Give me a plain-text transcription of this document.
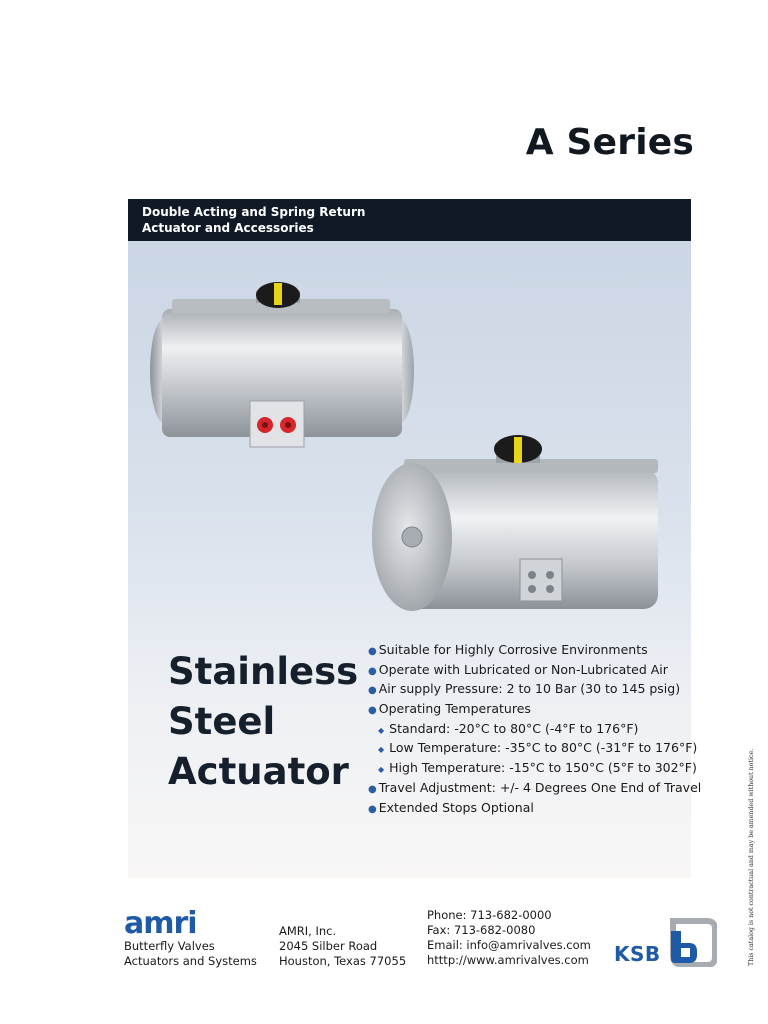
A Series
Double Acting and Spring Return
Actuator and Accessories
Stainless
Steel
Actuator
● Suitable for Highly Corrosive Environments
● Operate with Lubricated or Non-Lubricated Air
● Air supply Pressure: 2 to 10 Bar (30 to 145 psig)
● Operating Temperatures
◆ Standard: -20°C to 80°C (-4°F to 176°F)
◆ Low Temperature: -35°C to 80°C (-31°F to 176°F)
◆ High Temperature: -15°C to 150°C (5°F to 302°F)
● Travel Adjustment: +/- 4 Degrees One End of Travel
● Extended Stops Optional
amri
Butterfly Valves
Actuators and Systems
AMRI, Inc.
2045 Silber Road
Houston, Texas 77055
Phone: 713-682-0000
Fax: 713-682-0080
Email: info@amrivalves.com
htttp://www.amrivalves.com KSB	This catalog is not contractual and may be amended without notice.
